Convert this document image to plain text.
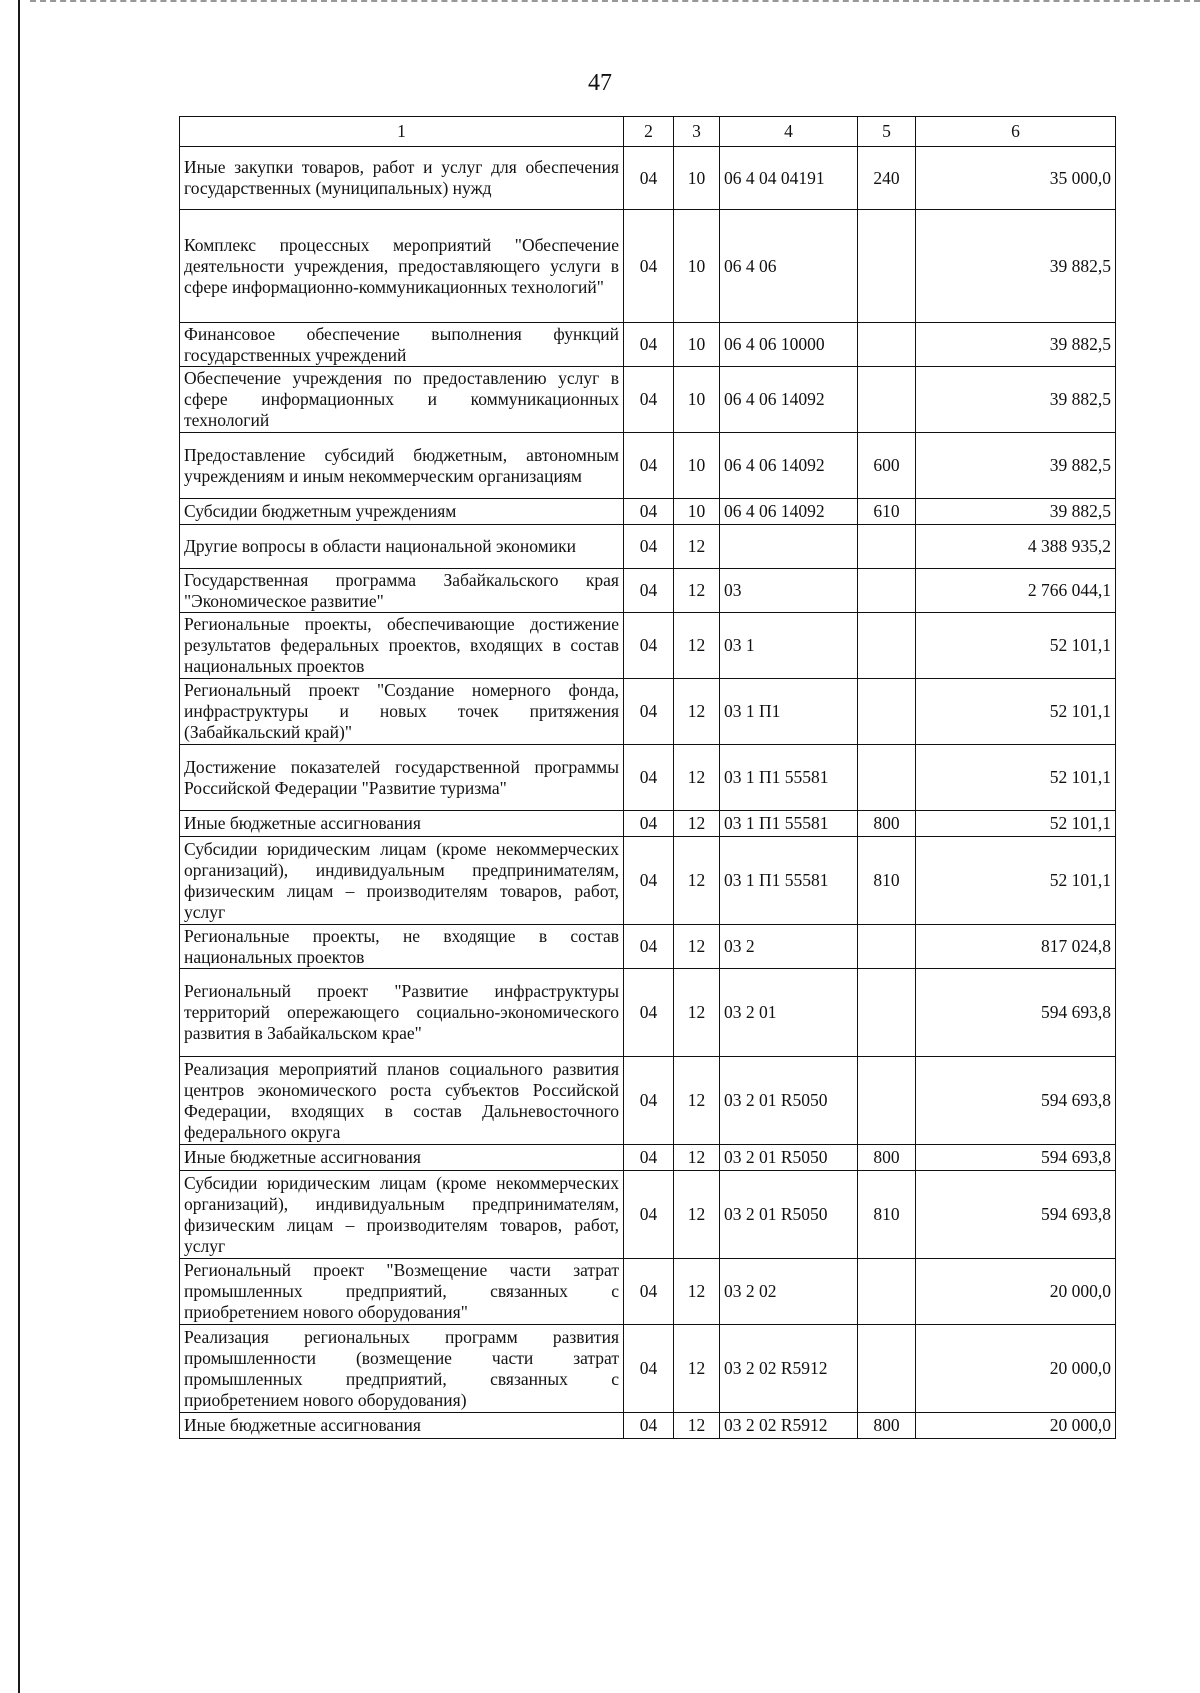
47
1	2	3	4	5	6
Иные закупки товаров, работ и услуг для обеспечения государственных (муниципальных) нужд	04	10	06 4 04 04191	240	35 000,0
Комплекс процессных мероприятий "Обеспечение деятельности учреждения, предоставляющего услуги в сфере информационно-коммуникационных технологий"	04	10	06 4 06		39 882,5
Финансовое обеспечение выполнения функций государственных учреждений	04	10	06 4 06 10000		39 882,5
Обеспечение учреждения по предоставлению услуг в сфере информационных и коммуникационных технологий	04	10	06 4 06 14092		39 882,5
Предоставление субсидий бюджетным, автономным учреждениям и иным некоммерческим организациям	04	10	06 4 06 14092	600	39 882,5
Субсидии бюджетным учреждениям	04	10	06 4 06 14092	610	39 882,5
Другие вопросы в области национальной экономики	04	12			4 388 935,2
Государственная программа Забайкальского края "Экономическое развитие"	04	12	03		2 766 044,1
Региональные проекты, обеспечивающие достижение результатов федеральных проектов, входящих в состав национальных проектов	04	12	03 1		52 101,1
Региональный проект "Создание номерного фонда, инфраструктуры и новых точек притяжения (Забайкальский край)"	04	12	03 1 П1		52 101,1
Достижение показателей государственной программы Российской Федерации "Развитие туризма"	04	12	03 1 П1 55581		52 101,1
Иные бюджетные ассигнования	04	12	03 1 П1 55581	800	52 101,1
Субсидии юридическим лицам (кроме некоммерческих организаций), индивидуальным предпринимателям, физическим лицам – производителям товаров, работ, услуг	04	12	03 1 П1 55581	810	52 101,1
Региональные проекты, не входящие в состав национальных проектов	04	12	03 2		817 024,8
Региональный проект "Развитие инфраструктуры территорий опережающего социально-экономического развития в Забайкальском крае"	04	12	03 2 01		594 693,8
Реализация мероприятий планов социального развития центров экономического роста субъектов Российской Федерации, входящих в состав Дальневосточного федерального округа	04	12	03 2 01 R5050		594 693,8
Иные бюджетные ассигнования	04	12	03 2 01 R5050	800	594 693,8
Субсидии юридическим лицам (кроме некоммерческих организаций), индивидуальным предпринимателям, физическим лицам – производителям товаров, работ, услуг	04	12	03 2 01 R5050	810	594 693,8
Региональный проект "Возмещение части затрат промышленных предприятий, связанных с приобретением нового оборудования"	04	12	03 2 02		20 000,0
Реализация региональных программ развития промышленности (возмещение части затрат промышленных предприятий, связанных с приобретением нового оборудования)	04	12	03 2 02 R5912		20 000,0
Иные бюджетные ассигнования	04	12	03 2 02 R5912	800	20 000,0
